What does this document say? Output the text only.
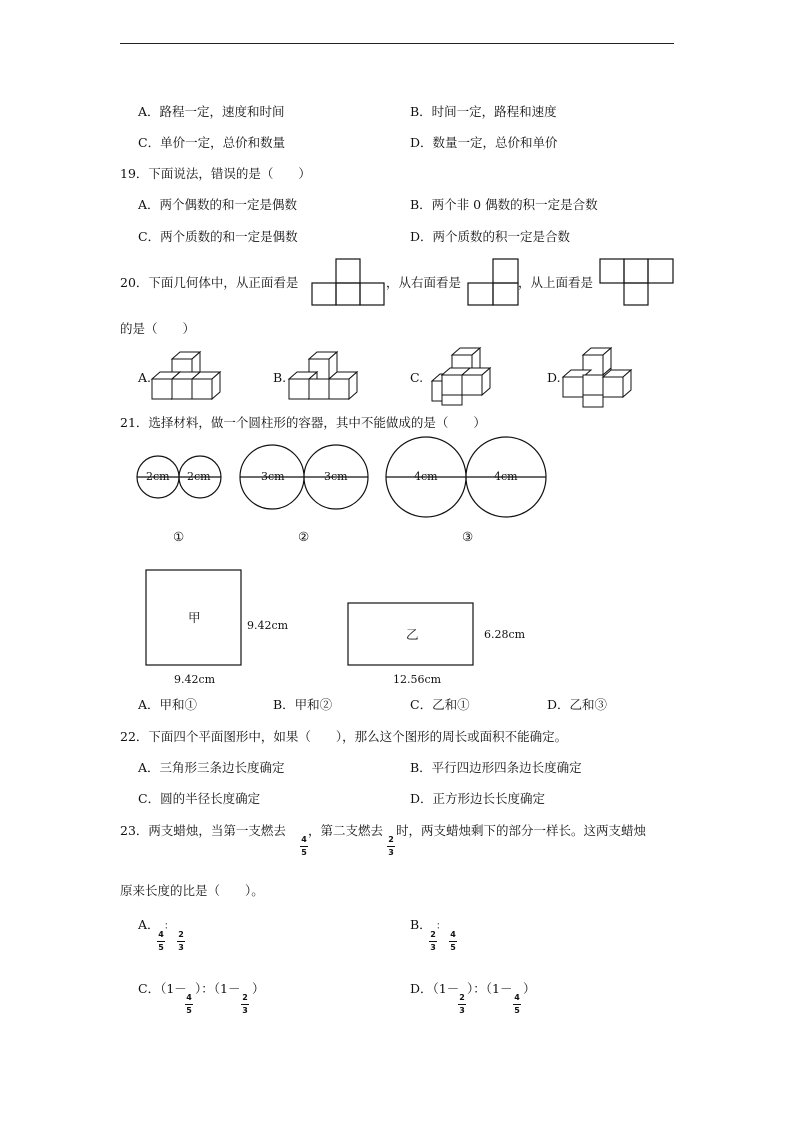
A．路程一定，速度和时间	B．时间一定，路程和速度
C．单价一定，总价和数量	D．数量一定，总价和单价
19．下面说法，错误的是（　　）
A．两个偶数的和一定是偶数	B．两个非 0 偶数的积一定是合数
C．两个质数的和一定是偶数	D．两个质数的积一定是合数
20．下面几何体中，从正面看是	，从右面看是	，从上面看是
的是（　　）
A.	B.	C.	D.
21．选择材料，做一个圆柱形的容器，其中不能做成的是（　　）
2cm 2cm	3cm	3cm	4cm	4cm
①	②	③
甲
9.42cm
9.42cm
乙	6.28cm
12.56cm
A．甲和①	B．甲和②	C．乙和①	D．乙和③
22．下面四个平面图形中，如果（　　），那么这个图形的周长或面积不能确定。
A．三角形三条边长度确定	B．平行四边形四条边长度确定
C．圆的半径长度确定	D．正方形边长长度确定
23．两支蜡烛，当第一支燃去
4
5
，第二支燃去
2
3
时，两支蜡烛剩下的部分一样长。这两支蜡烛
原来长度的比是（　　）。
A．
4
5
：
2
3
B．
2
3
：
4
5
C．（1－
4
5
）：（1－
2
3
）	D．（1－
2
3
）：（1－
4
5
）
